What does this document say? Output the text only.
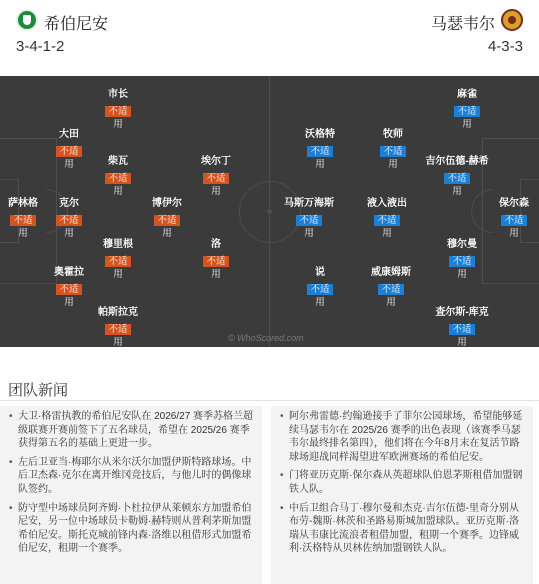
希伯尼安
3-4-1-2
马瑟韦尔
4-3-3
萨林格
不适
用
大田
不适
用
克尔
不适
用
奥霍拉
不适
用
市长
不适
用
柴瓦
不适
用
穆里根
不适
用
帕斯拉克
不适
用
博伊尔
不适
用
埃尔丁
不适
用
洛
不适
用
麻雀
不适
用
沃格特
不适
用
牧师
不适
用	吉尔伍德-赫希
不适
用
马斯万海斯
不适
用
液入液出
不适
用
保尔森
不适
用
穆尔曼
不适
用
说
不适
用
威康姆斯
不适
用
查尔斯-库克
不适
用
© WhoScored.com
团队新闻
• 大卫·格雷执教的希伯尼安队在 2026/27 赛季苏格兰超级联赛开赛前签下了五名球员，希望在 2025/26 赛季获得第五名的基础上更进一步。
• 左后卫亚当·梅耶尔从米尔沃尔加盟伊斯特路球场。中后卫杰森·克尔在离开维冈竞技后，与他儿时的偶像球队签约。
• 防守型中场球员阿齐姆·卜杜拉伊从莱顿东方加盟希伯尼安，另一位中场球员卡勒姆·赫特则从普利茅斯加盟希伯尼安。斯托克城前锋内森·洛维以租借形式加盟希伯尼安，租期一个赛季。
• 阿尔弗雷德·约翰逊接手了菲尔公园球场，希望能够延续马瑟韦尔在 2025/26 赛季的出色表现（该赛季马瑟韦尔最终排名第四），他们将在今年8月末在复活节路球场迎战同样渴望进军欧洲赛场的希伯尼安。
• 门将亚历克斯·保尔森从英超球队伯恩茅斯租借加盟钢铁人队。
• 中后卫组合马丁·穆尔曼和杰克·吉尔伍德-里奇分别从布劳-魏斯·林茨和圣路易斯城加盟球队。亚历克斯·洛瑞从韦康比流浪者租借加盟，租期一个赛季。边锋威利·沃格特从贝林佐纳加盟钢铁人队。
